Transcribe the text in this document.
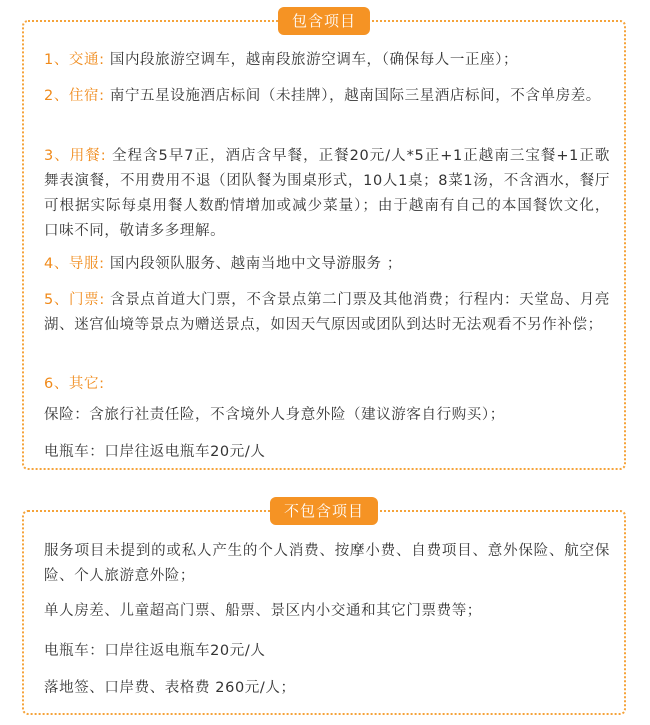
包含项目
1、交通: 国内段旅游空调车，越南段旅游空调车，（确保每人一正座）；
2、住宿: 南宁五星设施酒店标间（未挂牌），越南国际三星酒店标间，不含单房差。
3、用餐: 全程含5早7正，酒店含早餐，正餐20元/人*5正+1正越南三宝餐+1正歌舞表演餐，不用费用不退（团队餐为围桌形式，10人1桌；8菜1汤，不含酒水，餐厅可根据实际每桌用餐人数酌情增加或减少菜量）；由于越南有自己的本国餐饮文化，口味不同，敬请多多理解。
4、导服: 国内段领队服务、越南当地中文导游服务 ；
5、门票: 含景点首道大门票，不含景点第二门票及其他消费；行程内：天堂岛、月亮湖、迷宫仙境等景点为赠送景点，如因天气原因或团队到达时无法观看不另作补偿；
6、其它:
保险：含旅行社责任险，不含境外人身意外险（建议游客自行购买）；
电瓶车：口岸往返电瓶车20元/人
不包含项目
服务项目未提到的或私人产生的个人消费、按摩小费、自费项目、意外保险、航空保险、个人旅游意外险；
单人房差、儿童超高门票、船票、景区内小交通和其它门票费等；
电瓶车：口岸往返电瓶车20元/人
落地签、口岸费、表格费 260元/人；
